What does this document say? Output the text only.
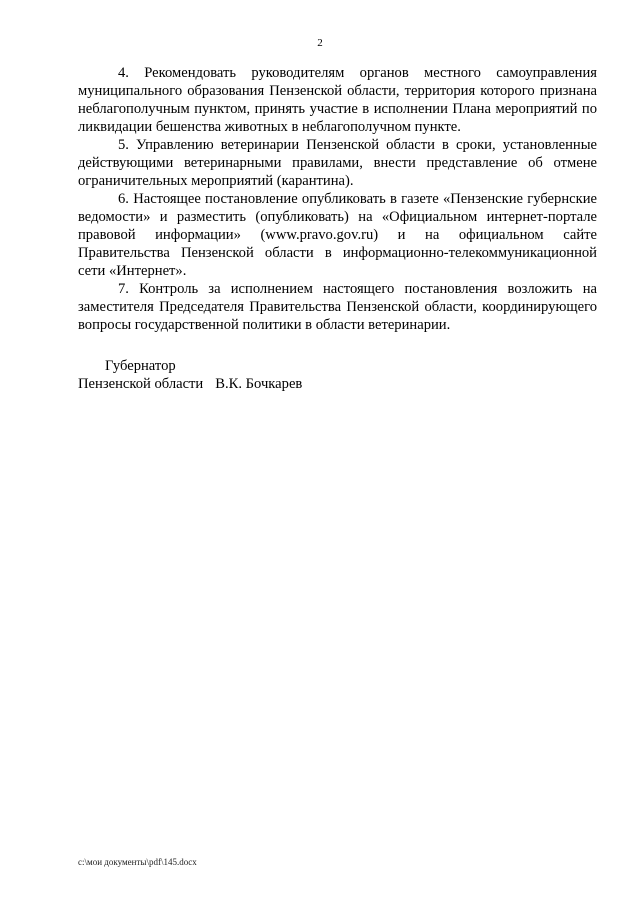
2

4. Рекомендовать руководителям органов местного самоуправления муниципального образования Пензенской области, территория которого признана неблагополучным пунктом, принять участие в исполнении Плана мероприятий по ликвидации бешенства животных в неблагополучном пункте.

5. Управлению ветеринарии Пензенской области в сроки, установленные действующими ветеринарными правилами, внести представление об отмене ограничительных мероприятий (карантина).

6. Настоящее постановление опубликовать в газете «Пензенские губернские ведомости» и разместить (опубликовать) на «Официальном интернет-портале правовой информации» (www.pravo.gov.ru) и на официальном сайте Правительства Пензенской области в информационно-телекоммуникационной сети «Интернет».

7. Контроль за исполнением настоящего постановления возложить на заместителя Председателя Правительства Пензенской области, координирующего вопросы государственной политики в области ветеринарии.

Губернатор
Пензенской области В.К. Бочкарев
c:\мои документы\pdf\145.docx
